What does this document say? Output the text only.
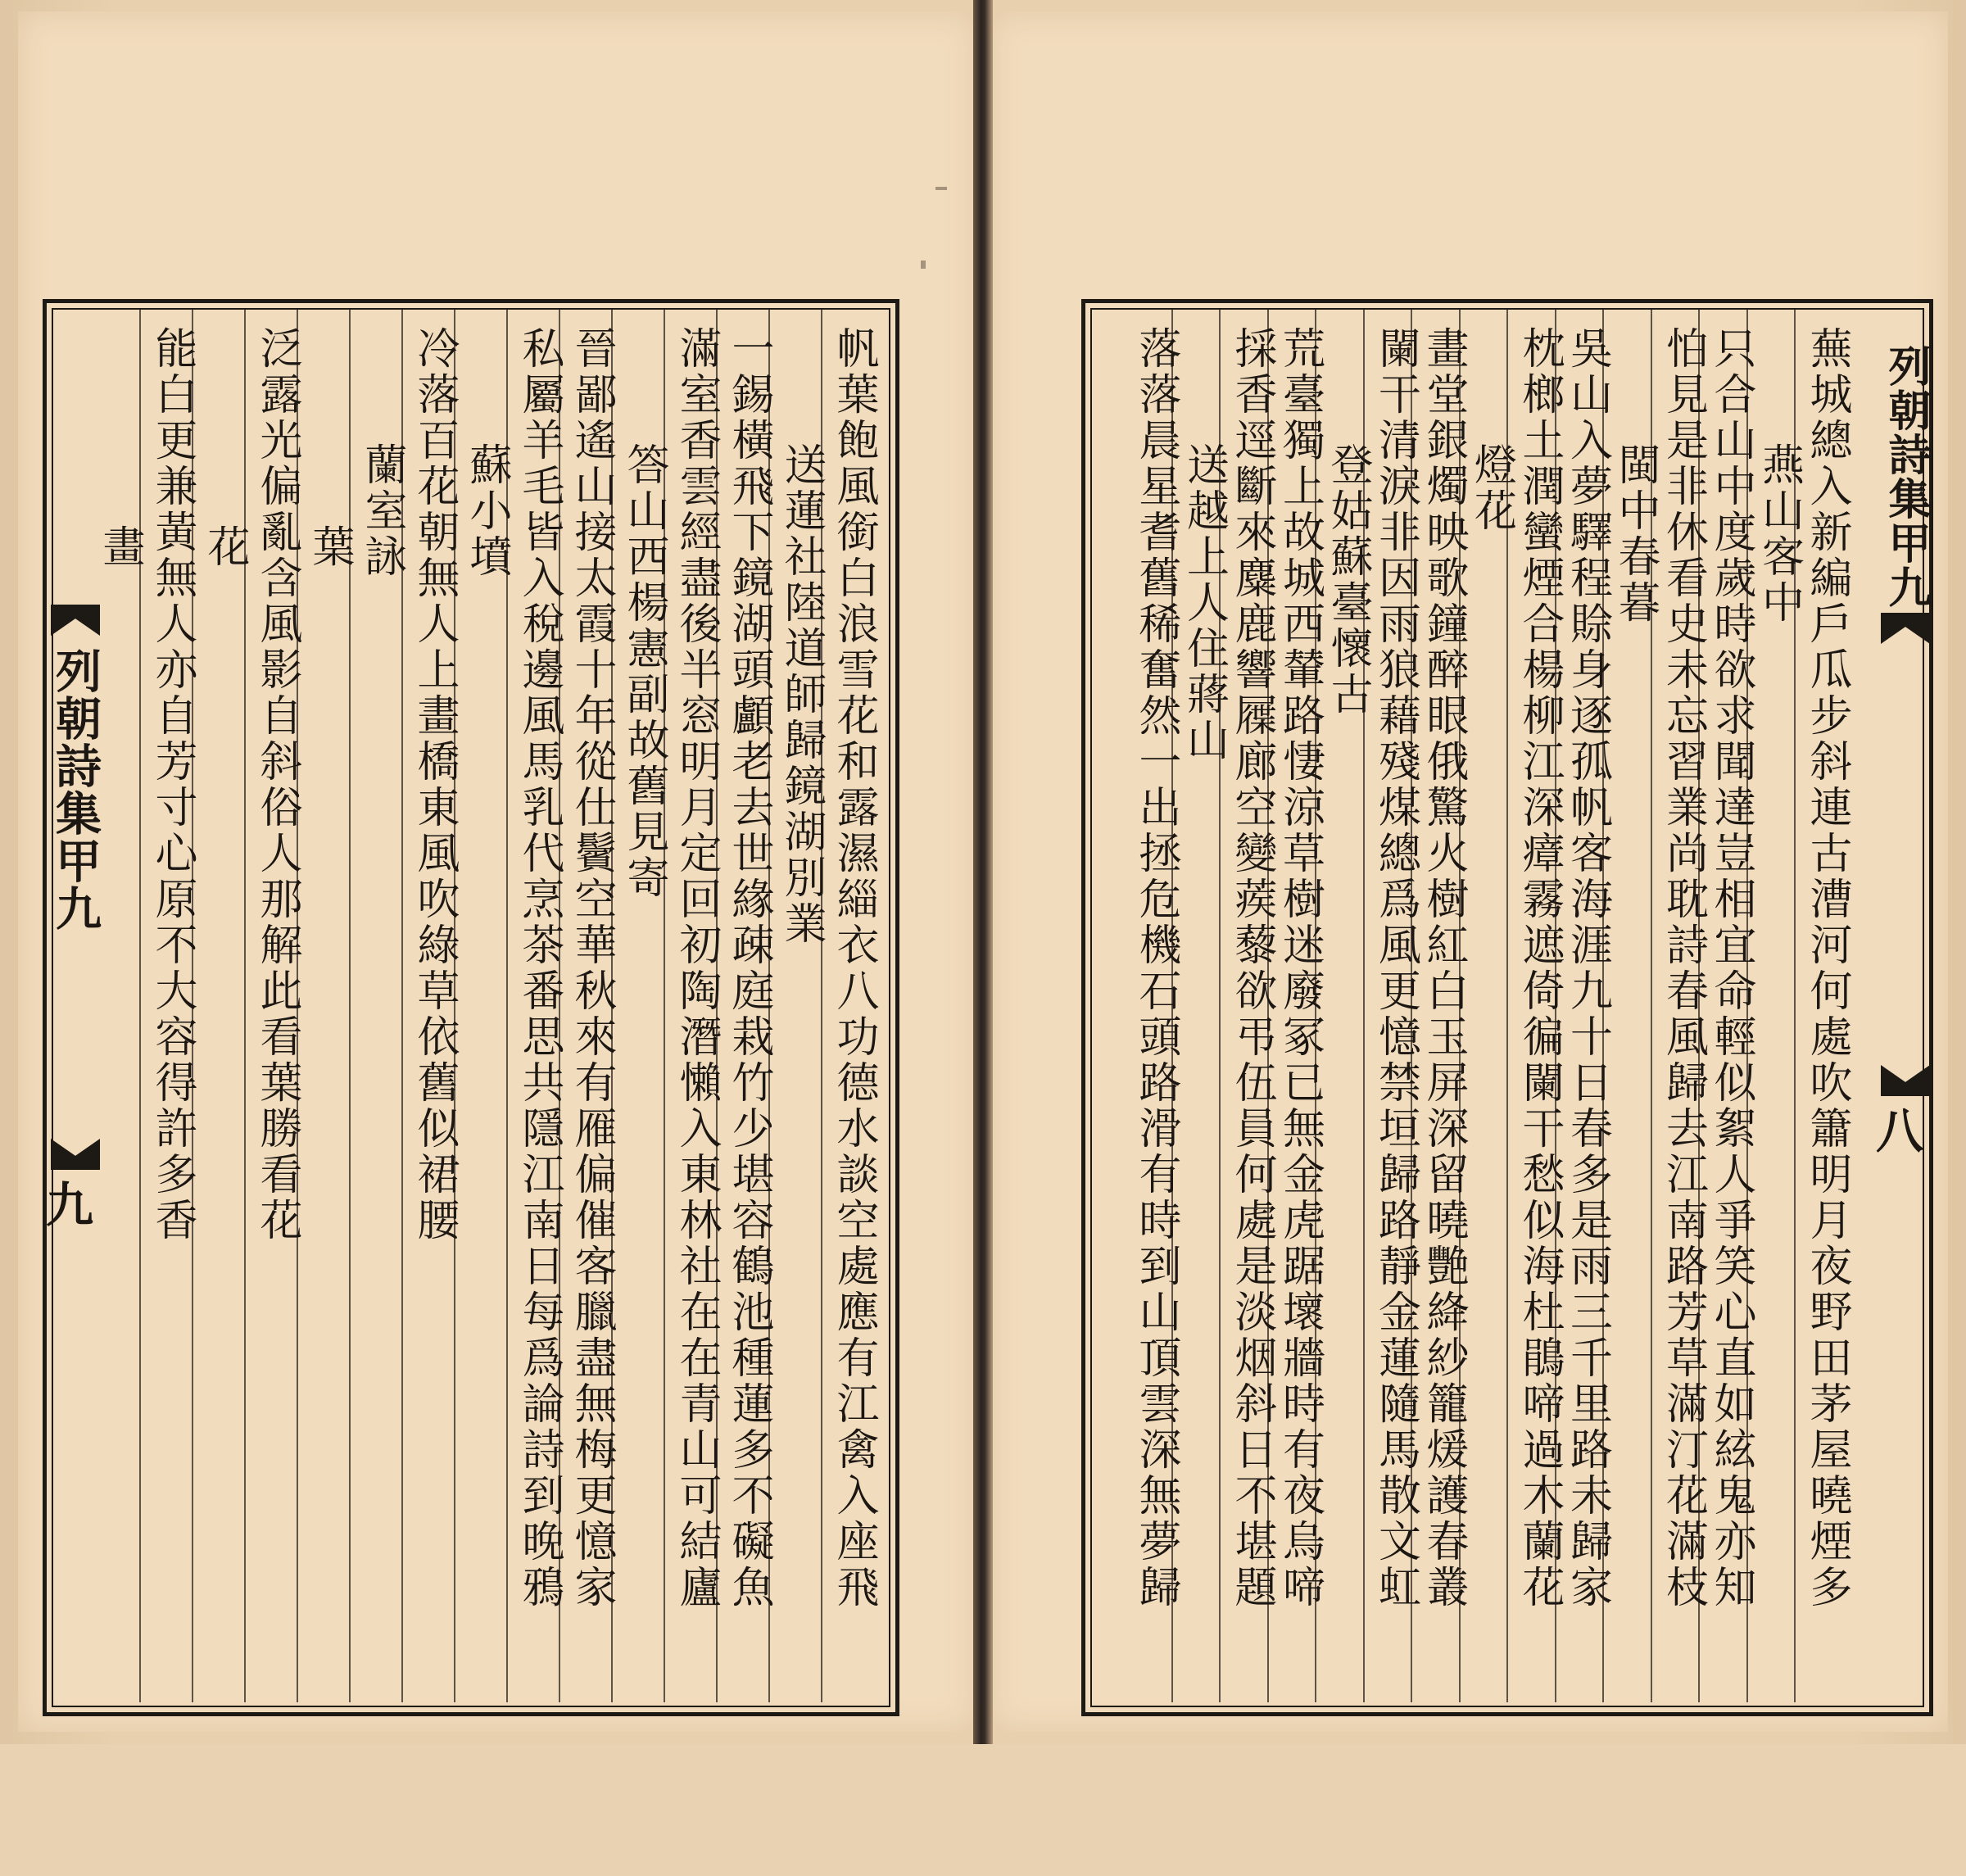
帆葉飽風銜白浪雪花和露濕緇衣八功德水談空處應有江禽入座飛
送蓮社陸道師歸鏡湖別業
一錫橫飛下鏡湖頭顱老去世緣疎庭栽竹少堪容鶴池種蓮多不礙魚
滿室香雲經盡後半窓明月定回初陶潛懶入東林社在在青山可結廬
答山西楊憲副故舊見寄
晉鄙遙山接太霞十年從仕鬢空華秋來有雁偏催客臘盡無梅更憶家
私屬羊毛皆入稅邊風馬乳代烹茶番思共隱江南日每爲論詩到晚鴉
蘇小墳
冷落百花朝無人上畫橋東風吹綠草依舊似裙腰
蘭室詠
葉
泛露光偏亂含風影自斜俗人那解此看葉勝看花
花
能白更兼黃無人亦自芳寸心原不大容得許多香
畫
列朝詩集甲九
九	蕪城總入新編戶瓜步斜連古漕河何處吹簫明月夜野田茅屋曉煙多
燕山客中
只合山中度歲時欲求聞達豈相宜命輕似絮人爭笑心直如絃鬼亦知
怕見是非休看史未忘習業尚耽詩春風歸去江南路芳草滿汀花滿枝
閩中春暮
吳山入夢驛程賒身逐孤帆客海涯九十日春多是雨三千里路未歸家
枕榔土潤蠻煙合楊柳江深瘴霧遮倚徧闌干愁似海杜鵑啼過木蘭花
燈花
畫堂銀燭映歌鐘醉眼俄驚火樹紅白玉屏深留曉艷絳紗籠煖護春叢
闌干清淚非因雨狼藉殘煤總爲風更憶禁垣歸路靜金蓮隨馬散文虹
登姑蘇臺懷古
荒臺獨上故城西輦路悽涼草樹迷廢冢已無金虎踞壞牆時有夜烏啼
採香逕斷來麋鹿響屧廊空變蒺藜欲弔伍員何處是淡烟斜日不堪題
送越上人住蔣山
落落晨星耆舊稀奮然一出拯危機石頭路滑有時到山頂雲深無夢歸	列朝詩集甲九
八
